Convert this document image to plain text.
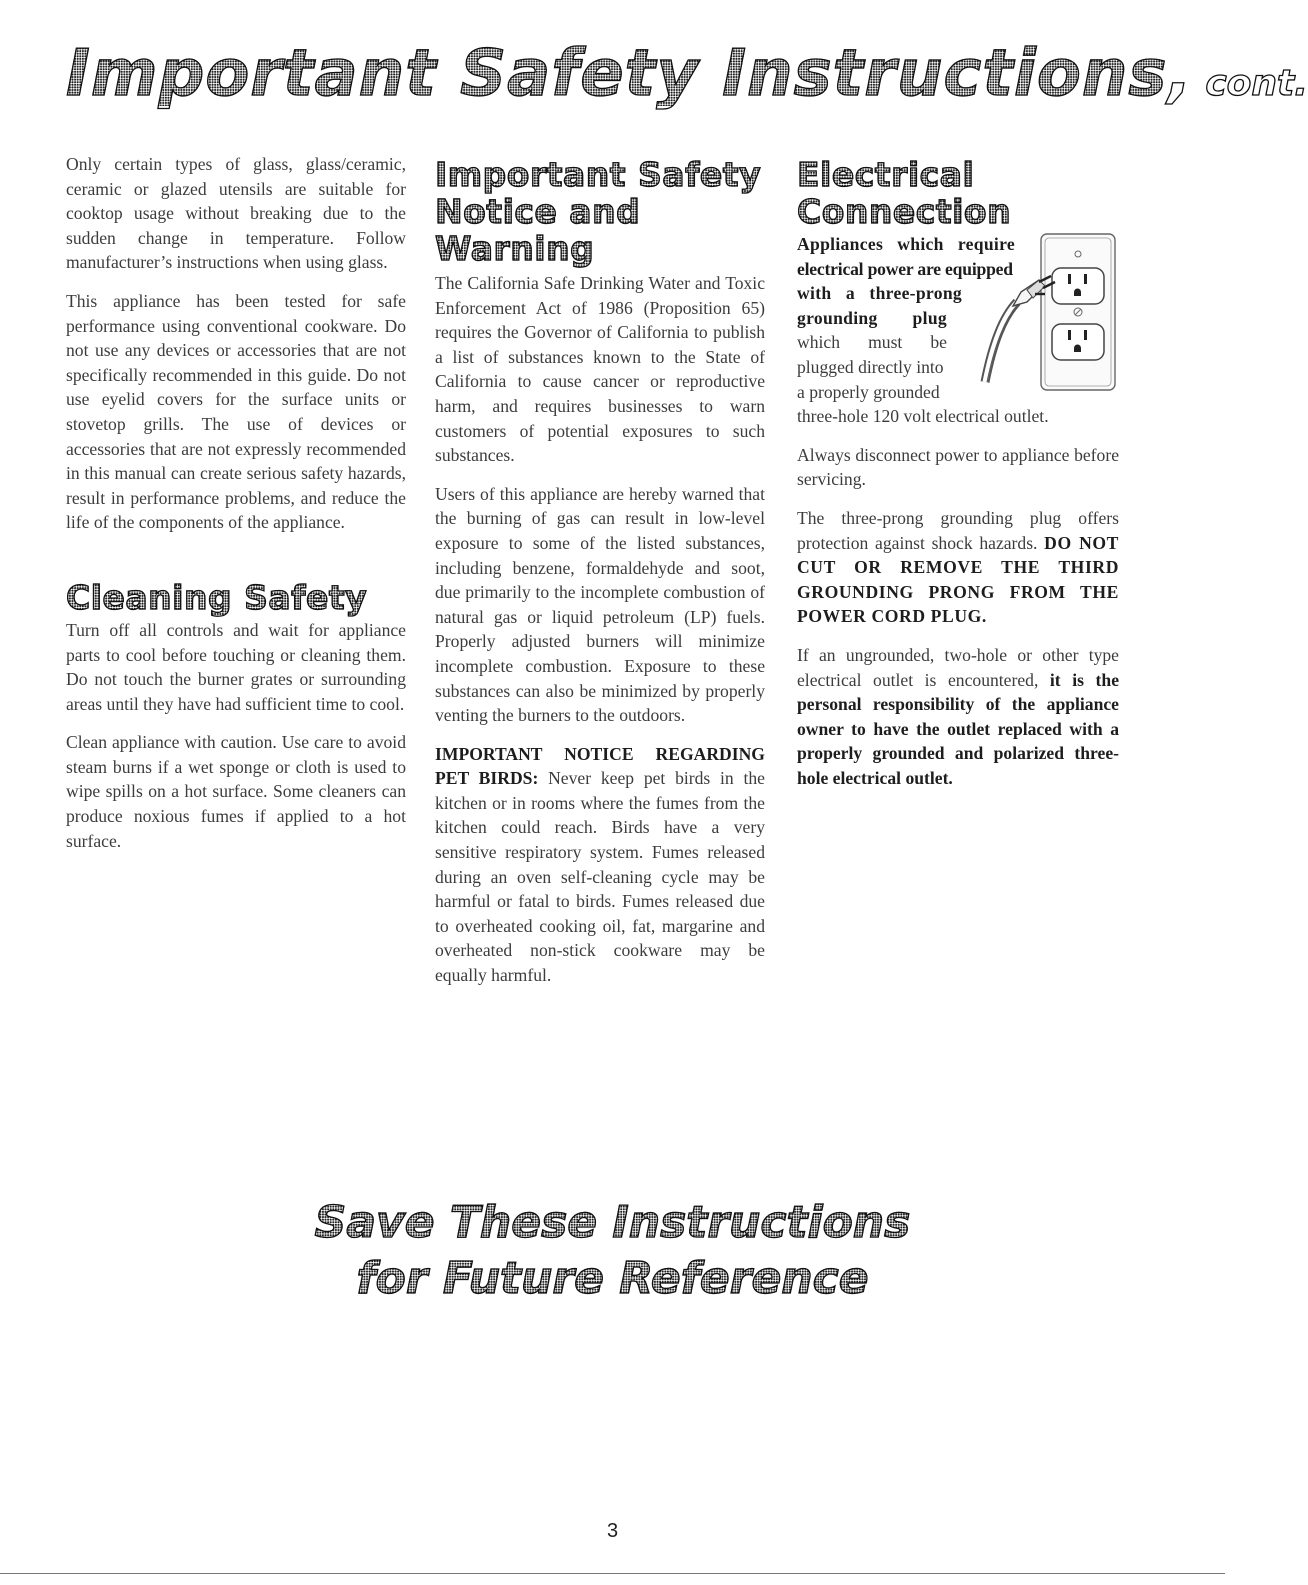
Important Safety Instructions, cont.

Only certain types of glass, glass/ceramic, ceramic or glazed utensils are suitable for cooktop usage without breaking due to the sudden change in temperature. Follow manufacturer’s instructions when using glass.

This appliance has been tested for safe performance using conventional cookware. Do not use any devices or accessories that are not specifically recommended in this guide. Do not use eyelid covers for the surface units or stovetop grills. The use of devices or accessories that are not expressly recommended in this manual can create serious safety hazards, result in performance problems, and reduce the life of the components of the appliance.

Cleaning Safety

Turn off all controls and wait for appliance parts to cool before touching or cleaning them. Do not touch the burner grates or surrounding areas until they have had sufficient time to cool.

Clean appliance with caution. Use care to avoid steam burns if a wet sponge or cloth is used to wipe spills on a hot surface. Some cleaners can produce noxious fumes if applied to a hot surface.

Important Safety
Notice and
Warning

The California Safe Drinking Water and Toxic Enforcement Act of 1986 (Proposition 65) requires the Governor of California to publish a list of substances known to the State of California to cause cancer or reproductive harm, and requires businesses to warn customers of potential exposures to such substances.

Users of this appliance are hereby warned that the burning of gas can result in low-level exposure to some of the listed substances, including benzene, formaldehyde and soot, due primarily to the incomplete combustion of natural gas or liquid petroleum (LP) fuels. Properly adjusted burners will minimize incomplete combustion. Exposure to these substances can also be minimized by properly venting the burners to the outdoors.

IMPORTANT NOTICE REGARDING PET BIRDS: Never keep pet birds in the kitchen or in rooms where the fumes from the kitchen could reach. Birds have a very sensitive respiratory system. Fumes released during an oven self-cleaning cycle may be harmful or fatal to birds. Fumes released due to overheated cooking oil, fat, margarine and overheated non-stick cookware may be equally harmful.

Electrical
Connection

Appliances which require
electrical power are equipped
with a three-prong
grounding plug
which must be
plugged directly into
a properly grounded
three-hole 120 volt electrical outlet.

Always disconnect power to appliance before servicing.

The three-prong grounding plug offers protection against shock hazards. DO NOT CUT OR REMOVE THE THIRD GROUNDING PRONG FROM THE POWER CORD PLUG.

If an ungrounded, two-hole or other type electrical outlet is encountered, it is the personal responsibility of the appliance owner to have the outlet replaced with a properly grounded and polarized three-hole electrical outlet.

Save These Instructions
for Future Reference
3
